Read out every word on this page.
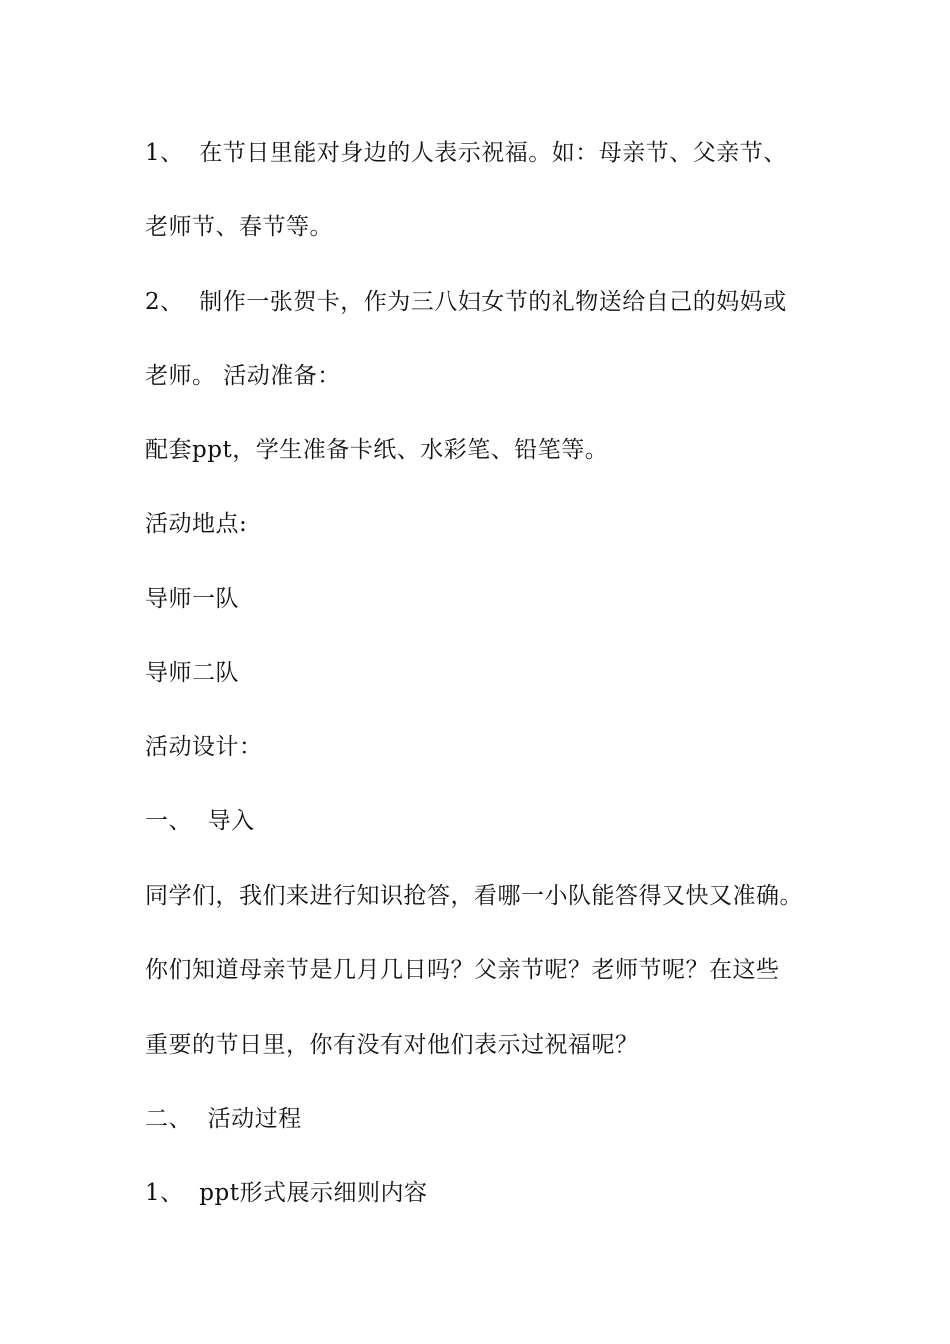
1、  在节日里能对身边的人表示祝福。如：母亲节、父亲节、
老师节、春节等。
2、  制作一张贺卡，作为三八妇女节的礼物送给自己的妈妈或
老师。 活动准备：
配套ppt，学生准备卡纸、水彩笔、铅笔等。
活动地点:
导师一队
导师二队
活动设计：
一、  导入
同学们，我们来进行知识抢答，看哪一小队能答得又快又准确。
你们知道母亲节是几月几日吗？父亲节呢？老师节呢？在这些
重要的节日里，你有没有对他们表示过祝福呢？
二、  活动过程
1、  ppt形式展示细则内容
